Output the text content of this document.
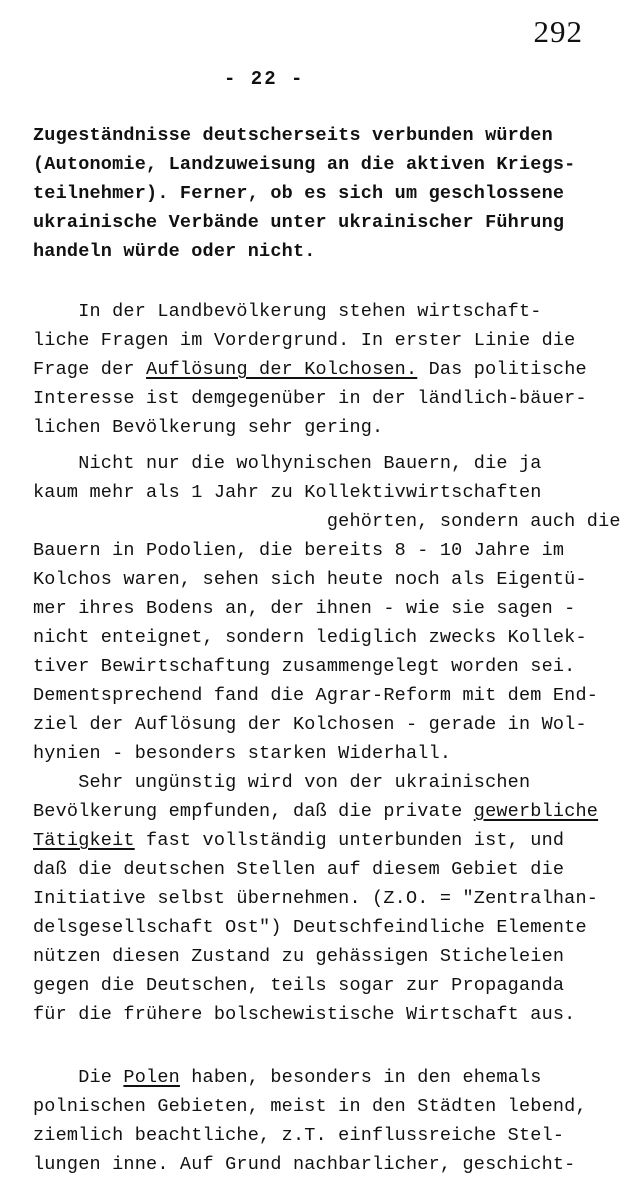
292
- 22 -
Zugeständnisse deutscherseits verbunden würden
(Autonomie, Landzuweisung an die aktiven Kriegs-
teilnehmer). Ferner, ob es sich um geschlossene
ukrainische Verbände unter ukrainischer Führung
handeln würde oder nicht.
In der Landbevölkerung stehen wirtschaft-
liche Fragen im Vordergrund. In erster Linie die
Frage der Auflösung der Kolchosen. Das politische
Interesse ist demgegenüber in der ländlich-bäuer-
lichen Bevölkerung sehr gering.
Nicht nur die wolhynischen Bauern, die ja
kaum mehr als 1 Jahr zu Kollektivwirtschaften
gehörten, sondern auch die
Bauern in Podolien, die bereits 8 - 10 Jahre im
Kolchos waren, sehen sich heute noch als Eigentü-
mer ihres Bodens an, der ihnen - wie sie sagen -
nicht enteignet, sondern lediglich zwecks Kollek-
tiver Bewirtschaftung zusammengelegt worden sei.
Dementsprechend fand die Agrar-Reform mit dem End-
ziel der Auflösung der Kolchosen - gerade in Wol-
hynien - besonders starken Widerhall.
Sehr ungünstig wird von der ukrainischen
Bevölkerung empfunden, daß die private gewerbliche
Tätigkeit fast vollständig unterbunden ist, und
daß die deutschen Stellen auf diesem Gebiet die
Initiative selbst übernehmen. (Z.O. = "Zentralhan-
delsgesellschaft Ost") Deutschfeindliche Elemente
nützen diesen Zustand zu gehässigen Sticheleien
gegen die Deutschen, teils sogar zur Propaganda
für die frühere bolschewistische Wirtschaft aus.
Die Polen haben, besonders in den ehemals
polnischen Gebieten, meist in den Städten lebend,
ziemlich beachtliche, z.T. einflussreiche Stel-
lungen inne. Auf Grund nachbarlicher, geschicht-
